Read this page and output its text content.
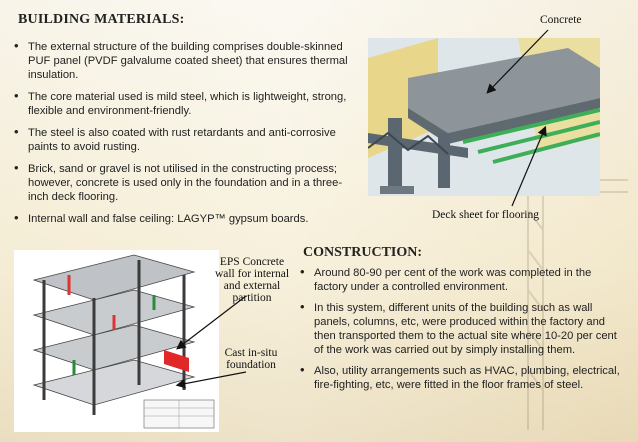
BUILDING MATERIALS:
• The external structure of the building comprises double-skinned PUF panel (PVDF galvalume coated sheet) that ensures thermal insulation.
• The core material used is mild steel, which is lightweight, strong, flexible and environment-friendly.
• The steel is also coated with rust retardants and anti-corrosive paints to avoid rusting.
• Brick, sand or gravel is not utilised in the constructing process; however, concrete is used only in the foundation and in a three-inch deck flooring.
• Internal wall and false ceiling: LAGYP™ gypsum boards.
Concrete
Deck sheet for flooring
EPS Concrete wall for internal and external partition
Cast in-situ foundation
CONSTRUCTION:
• Around 80-90 per cent of the work was completed in the factory under a controlled environment.
• In this system, different units of the building such as wall panels, columns, etc, were produced within the factory and then transported them to the actual site where 10-20 per cent of the work was carried out by simply installing them.
• Also, utility arrangements such as HVAC, plumbing, electrical, fire-fighting, etc, were fitted in the floor frames of steel.
